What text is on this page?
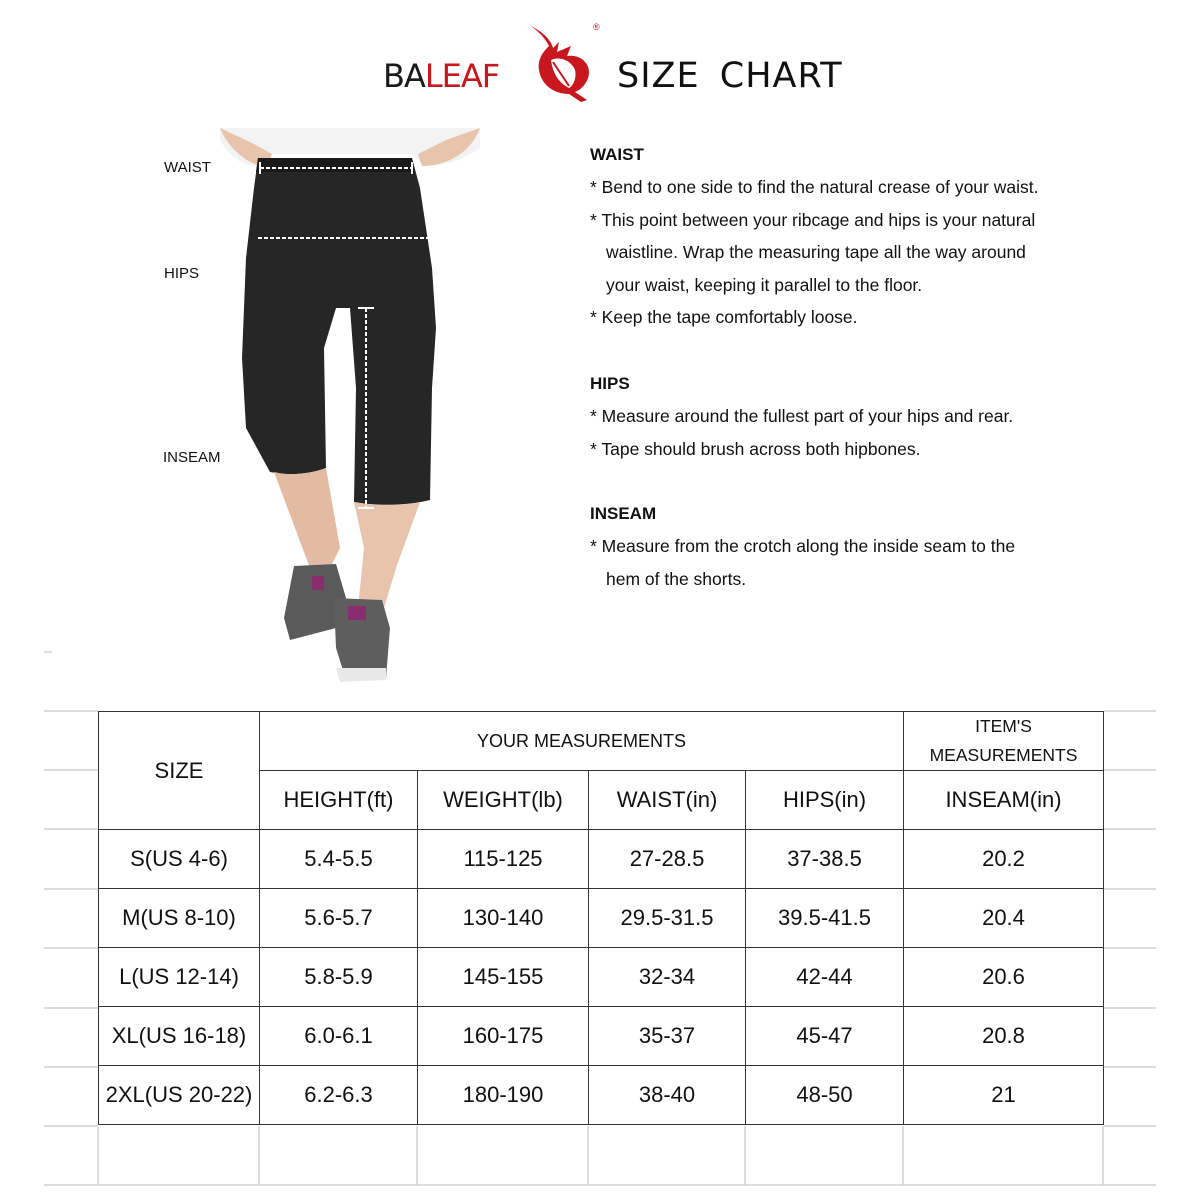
BALEAF
®
SIZE CHART
WAIST
HIPS
INSEAM
WAIST
* Bend to one side to find the natural crease of your waist.
* This point between your ribcage and hips is your natural
waistline. Wrap the measuring tape all the way around
your waist, keeping it parallel to the floor.
* Keep the tape comfortably loose.
HIPS
* Measure around the fullest part of your hips and rear.
* Tape should brush across both hipbones.
INSEAM
* Measure from the crotch along the inside seam to the
hem of the shorts.
SIZE	YOUR MEASUREMENTS				ITEM'S
MEASUREMENTS
	HEIGHT(ft)	WEIGHT(lb)	WAIST(in)	HIPS(in)	INSEAM(in)
S(US 4-6)	5.4-5.5	115-125	27-28.5	37-38.5	20.2
M(US 8-10)	5.6-5.7	130-140	29.5-31.5	39.5-41.5	20.4
L(US 12-14)	5.8-5.9	145-155	32-34	42-44	20.6
XL(US 16-18)	6.0-6.1	160-175	35-37	45-47	20.8
2XL(US 20-22)	6.2-6.3	180-190	38-40	48-50	21
